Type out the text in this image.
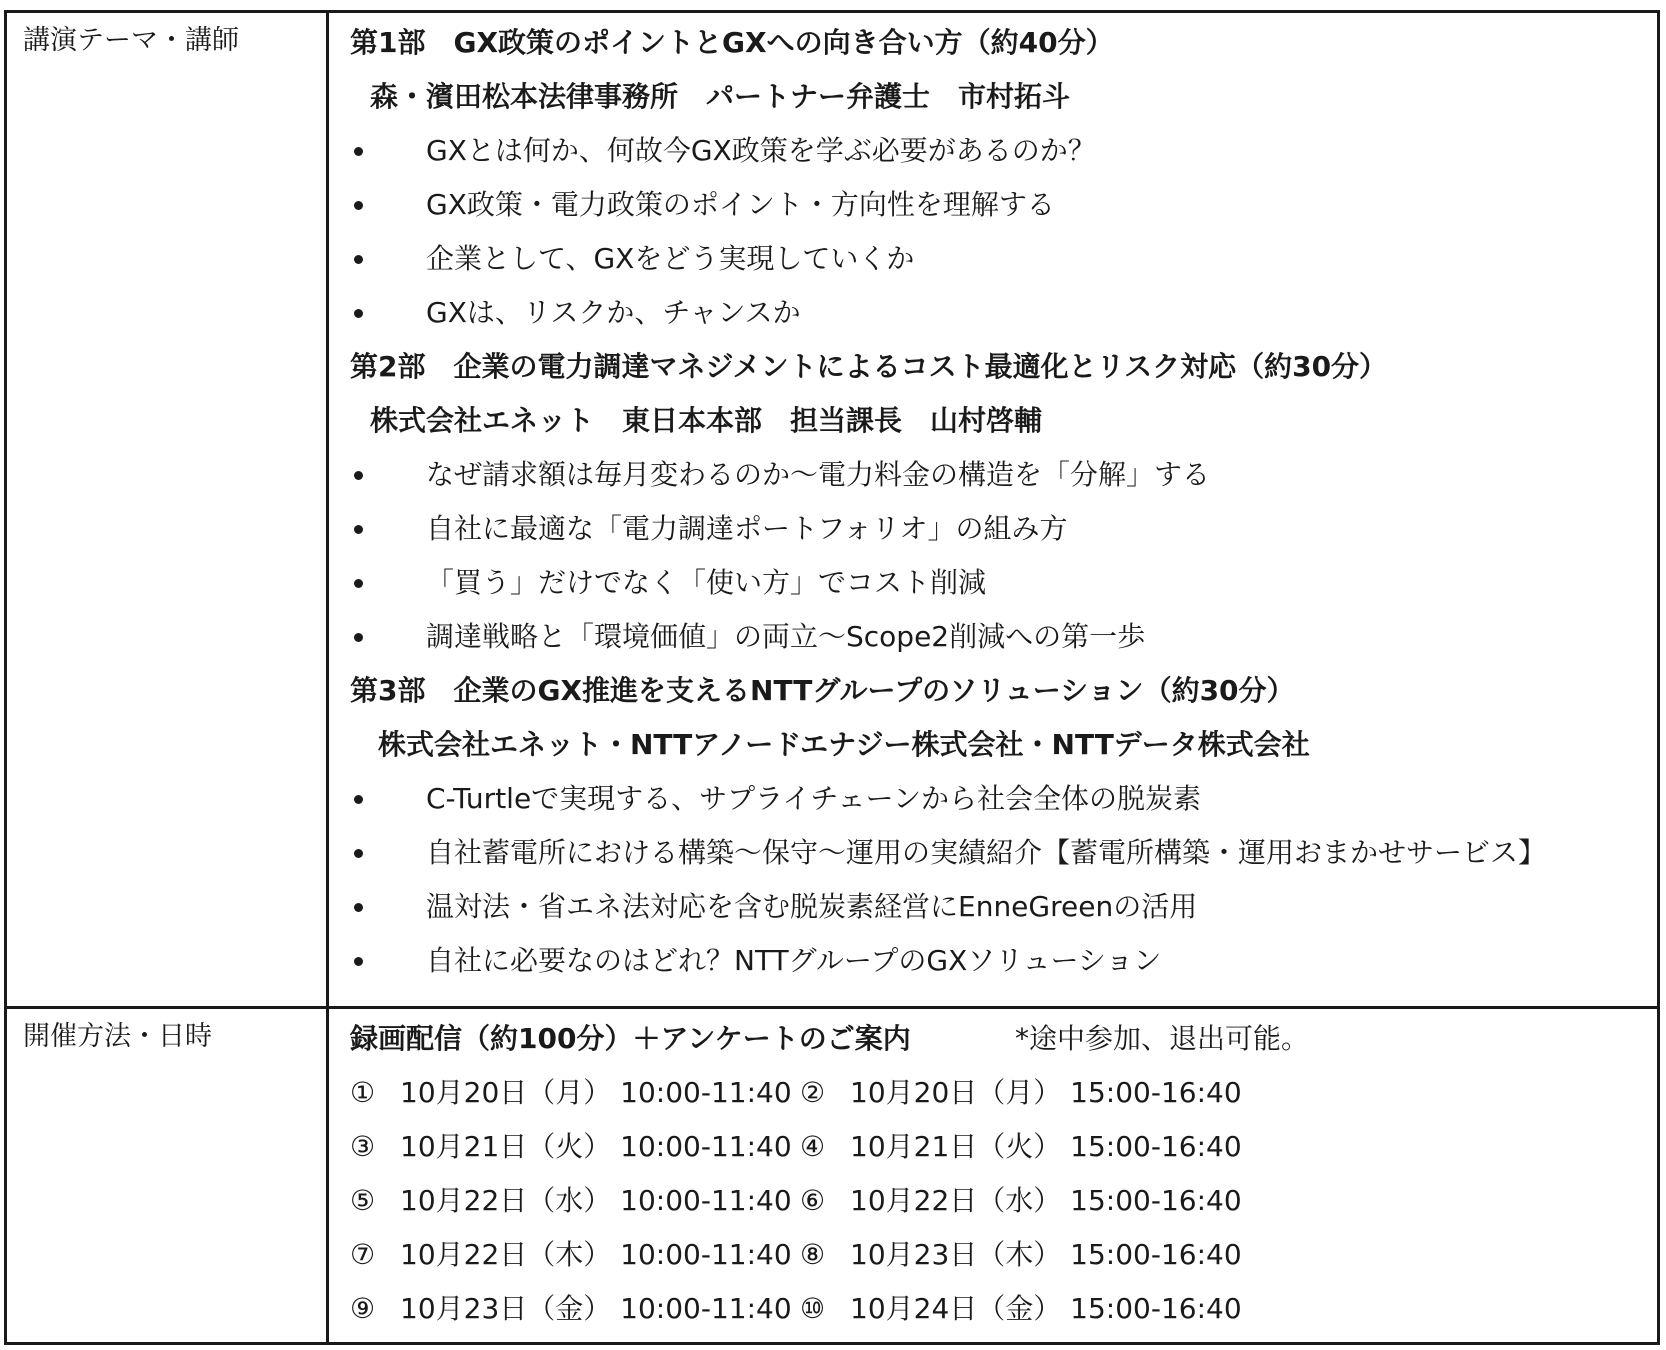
講演テーマ・講師	第1部　GX政策のポイントとGXへの向き合い方（約40分）
森・濱田松本法律事務所　パートナー弁護士　市村拓斗
GXとは何か、何故今GX政策を学ぶ必要があるのか？
GX政策・電力政策のポイント・方向性を理解する
企業として、GXをどう実現していくか
GXは、リスクか、チャンスか
第2部　企業の電力調達マネジメントによるコスト最適化とリスク対応（約30分）
株式会社エネット　東日本本部　担当課長　山村啓輔
なぜ請求額は毎月変わるのか～電力料金の構造を「分解」する
自社に最適な「電力調達ポートフォリオ」の組み方
「買う」だけでなく「使い方」でコスト削減
調達戦略と「環境価値」の両立～Scope2削減への第一歩
第3部　企業のGX推進を支えるNTTグループのソリューション（約30分）
株式会社エネット・NTTアノードエナジー株式会社・NTTデータ株式会社
C-Turtleで実現する、サプライチェーンから社会全体の脱炭素
自社蓄電所における構築～保守～運用の実績紹介【蓄電所構築・運用おまかせサービス】
温対法・省エネ法対応を含む脱炭素経営にEnneGreenの活用
自社に必要なのはどれ？NTTグループのGXソリューション
開催方法・日時	録画配信（約100分）＋アンケートのご案内	*途中参加、退出可能。
① 10月20日（月） 10:00-11:40 ② 10月20日（月） 15:00-16:40
③ 10月21日（火） 10:00-11:40 ④ 10月21日（火） 15:00-16:40
⑤ 10月22日（水） 10:00-11:40 ⑥ 10月22日（水） 15:00-16:40
⑦ 10月22日（木） 10:00-11:40 ⑧ 10月23日（木） 15:00-16:40
⑨ 10月23日（金） 10:00-11:40 ⑩ 10月24日（金） 15:00-16:40
